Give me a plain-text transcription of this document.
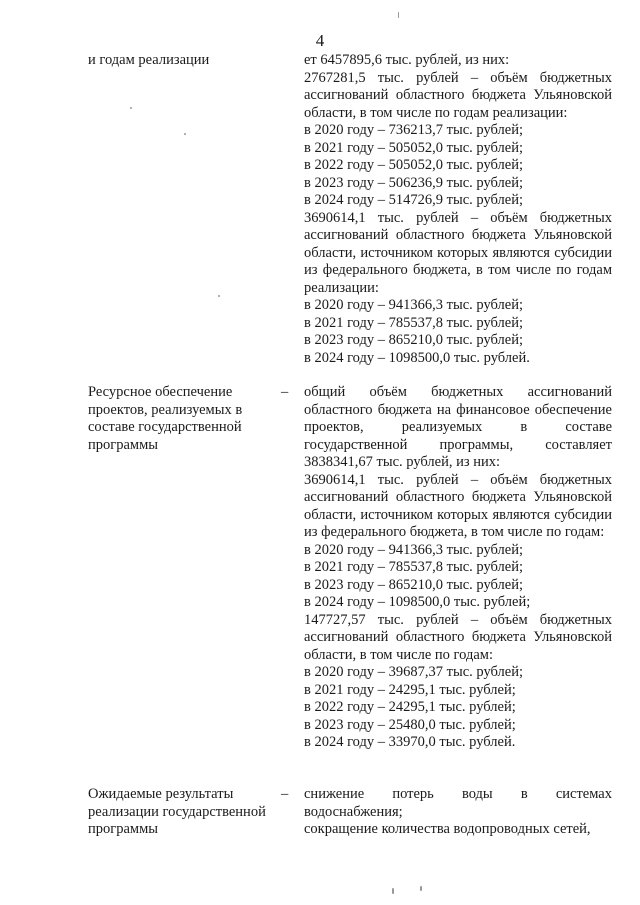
4
и годам реализации	ет 6457895,6 тыс. рублей, из них:

2767281,5 тыс. рублей – объём бюджетных ассигнований областного бюджета Ульяновской области, в том числе по годам реализации:

в 2020 году – 736213,7 тыс. рублей;

в 2021 году – 505052,0 тыс. рублей;

в 2022 году – 505052,0 тыс. рублей;

в 2023 году – 506236,9 тыс. рублей;

в 2024 году – 514726,9 тыс. рублей;

3690614,1 тыс. рублей – объём бюджетных ассигнований областного бюджета Ульяновской области, источником которых являются субсидии из федерального бюджета, в том числе по годам реализации:

в 2020 году – 941366,3 тыс. рублей;

в 2021 году – 785537,8 тыс. рублей;

в 2023 году – 865210,0 тыс. рублей;

в 2024 году – 1098500,0 тыс. рублей.

Ресурсное обеспечение проектов, реализуемых в составе государственной программы
– общий объём бюджетных ассигнований областного бюджета на финансовое обеспечение проектов, реализуемых в составе государственной программы, составляет 3838341,67 тыс. рублей, из них:

3690614,1 тыс. рублей – объём бюджетных ассигнований областного бюджета Ульяновской области, источником которых являются субсидии из федерального бюджета, в том числе по годам:

в 2020 году – 941366,3 тыс. рублей;

в 2021 году – 785537,8 тыс. рублей;

в 2023 году – 865210,0 тыс. рублей;

в 2024 году – 1098500,0 тыс. рублей;

147727,57 тыс. рублей – объём бюджетных ассигнований областного бюджета Ульяновской области, в том числе по годам:

в 2020 году – 39687,37 тыс. рублей;

в 2021 году – 24295,1 тыс. рублей;

в 2022 году – 24295,1 тыс. рублей;

в 2023 году – 25480,0 тыс. рублей;

в 2024 году – 33970,0 тыс. рублей.

Ожидаемые результаты реализации государственной программы
– снижение потерь воды в системах водоснабжения;

сокращение количества водопроводных сетей,
